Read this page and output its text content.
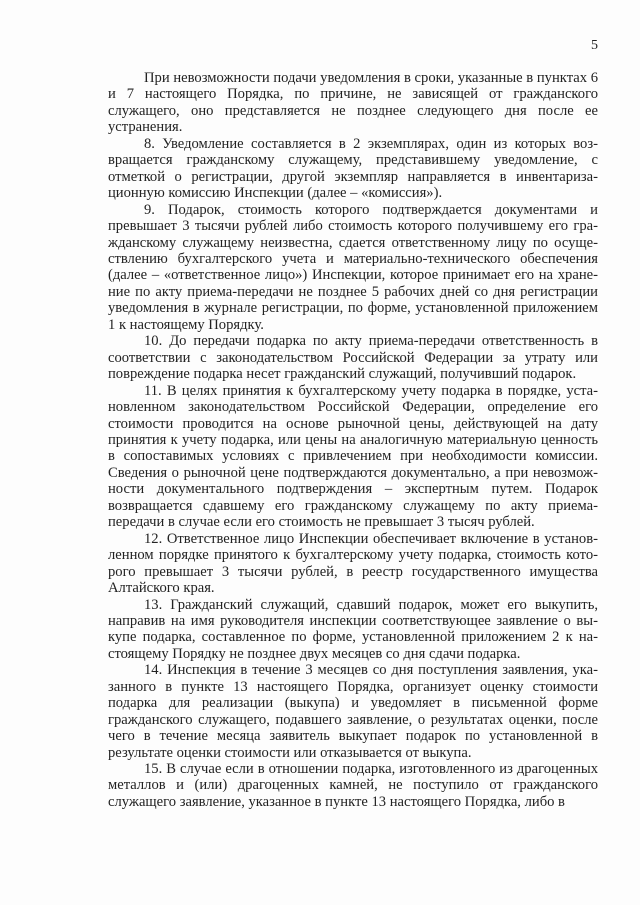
5

При невозможности подачи уведомления в сроки, указанные в пунктах 6 и 7 настоящего Порядка, по причине, не зависящей от гражданского служащего, оно представляется не позднее следующего дня после ее устранения.

8. Уведомление составляется в 2 экземплярах, один из которых возвращается гражданскому служащему, представившему уведомление, с отметкой о регистрации, другой экземпляр направляется в инвентаризационную комиссию Инспекции (далее – «комиссия»).

9. Подарок, стоимость которого подтверждается документами и превышает 3 тысячи рублей либо стоимость которого получившему его гражданскому служащему неизвестна, сдается ответственному лицу по осуществлению бухгалтерского учета и материально-технического обеспечения (далее – «ответственное лицо») Инспекции, которое принимает его на хранение по акту приема-передачи не позднее 5 рабочих дней со дня регистрации уведомления в журнале регистрации, по форме, установленной приложением 1 к настоящему Порядку.

10. До передачи подарка по акту приема-передачи ответственность в соответствии с законодательством Российской Федерации за утрату или повреждение подарка несет гражданский служащий, получивший подарок.

11. В целях принятия к бухгалтерскому учету подарка в порядке, установленном законодательством Российской Федерации, определение его стоимости проводится на основе рыночной цены, действующей на дату принятия к учету подарка, или цены на аналогичную материальную ценность в сопоставимых условиях с привлечением при необходимости комиссии. Сведения о рыночной цене подтверждаются документально, а при невозможности документального подтверждения – экспертным путем. Подарок возвращается сдавшему его гражданскому служащему по акту приема-передачи в случае если его стоимость не превышает 3 тысяч рублей.

12. Ответственное лицо Инспекции обеспечивает включение в установленном порядке принятого к бухгалтерскому учету подарка, стоимость которого превышает 3 тысячи рублей, в реестр государственного имущества Алтайского края.

13. Гражданский служащий, сдавший подарок, может его выкупить, направив на имя руководителя инспекции соответствующее заявление о выкупе подарка, составленное по форме, установленной приложением 2 к настоящему Порядку не позднее двух месяцев со дня сдачи подарка.

14. Инспекция в течение 3 месяцев со дня поступления заявления, указанного в пункте 13 настоящего Порядка, организует оценку стоимости подарка для реализации (выкупа) и уведомляет в письменной форме гражданского служащего, подавшего заявление, о результатах оценки, после чего в течение месяца заявитель выкупает подарок по установленной в результате оценки стоимости или отказывается от выкупа.

15. В случае если в отношении подарка, изготовленного из драгоценных металлов и (или) драгоценных камней, не поступило от гражданского служащего заявление, указанное в пункте 13 настоящего Порядка, либо в
